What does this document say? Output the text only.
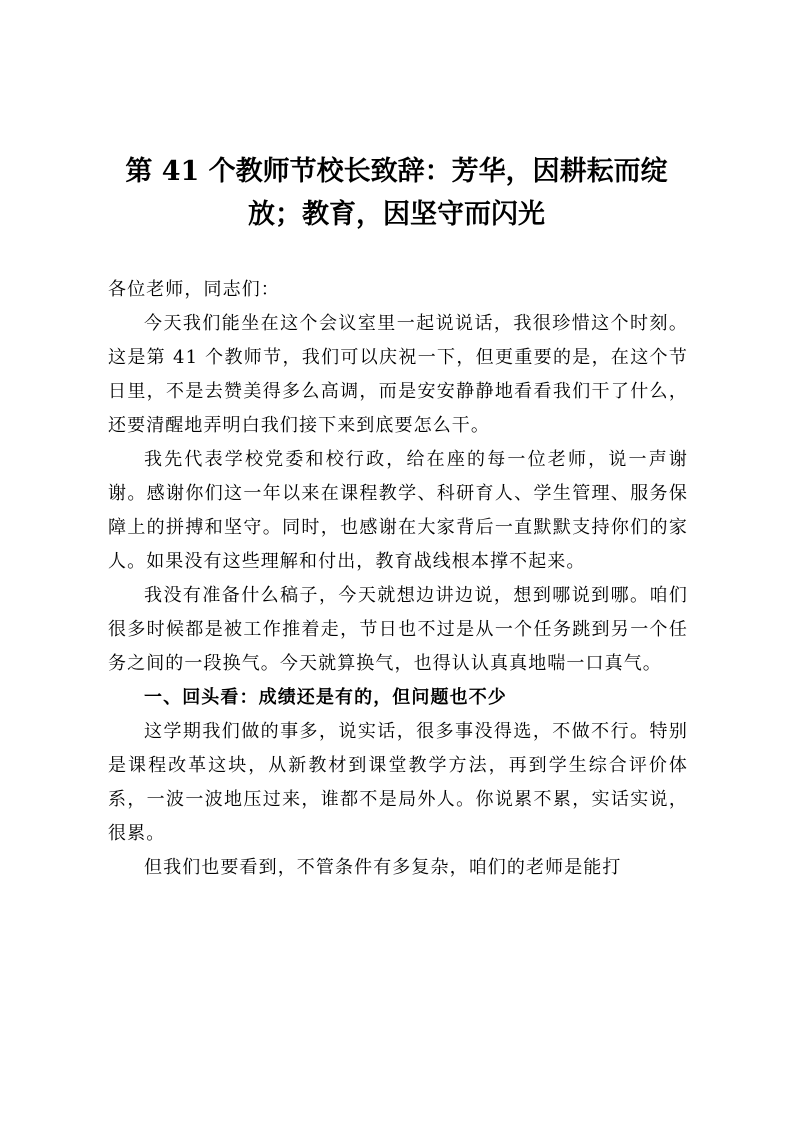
第 41 个教师节校长致辞：芳华，因耕耘而绽
放；教育，因坚守而闪光

各位老师，同志们：

今天我们能坐在这个会议室里一起说说话，我很珍惜这个时刻。这是第 41 个教师节，我们可以庆祝一下，但更重要的是，在这个节日里，不是去赞美得多么高调，而是安安静静地看看我们干了什么，还要清醒地弄明白我们接下来到底要怎么干。

我先代表学校党委和校行政，给在座的每一位老师，说一声谢谢。感谢你们这一年以来在课程教学、科研育人、学生管理、服务保障上的拼搏和坚守。同时，也感谢在大家背后一直默默支持你们的家人。如果没有这些理解和付出，教育战线根本撑不起来。

我没有准备什么稿子，今天就想边讲边说，想到哪说到哪。咱们很多时候都是被工作推着走，节日也不过是从一个任务跳到另一个任务之间的一段换气。今天就算换气，也得认认真真地喘一口真气。

一、回头看：成绩还是有的，但问题也不少

这学期我们做的事多，说实话，很多事没得选，不做不行。特别是课程改革这块，从新教材到课堂教学方法，再到学生综合评价体系，一波一波地压过来，谁都不是局外人。你说累不累，实话实说，很累。

但我们也要看到，不管条件有多复杂，咱们的老师是能打
